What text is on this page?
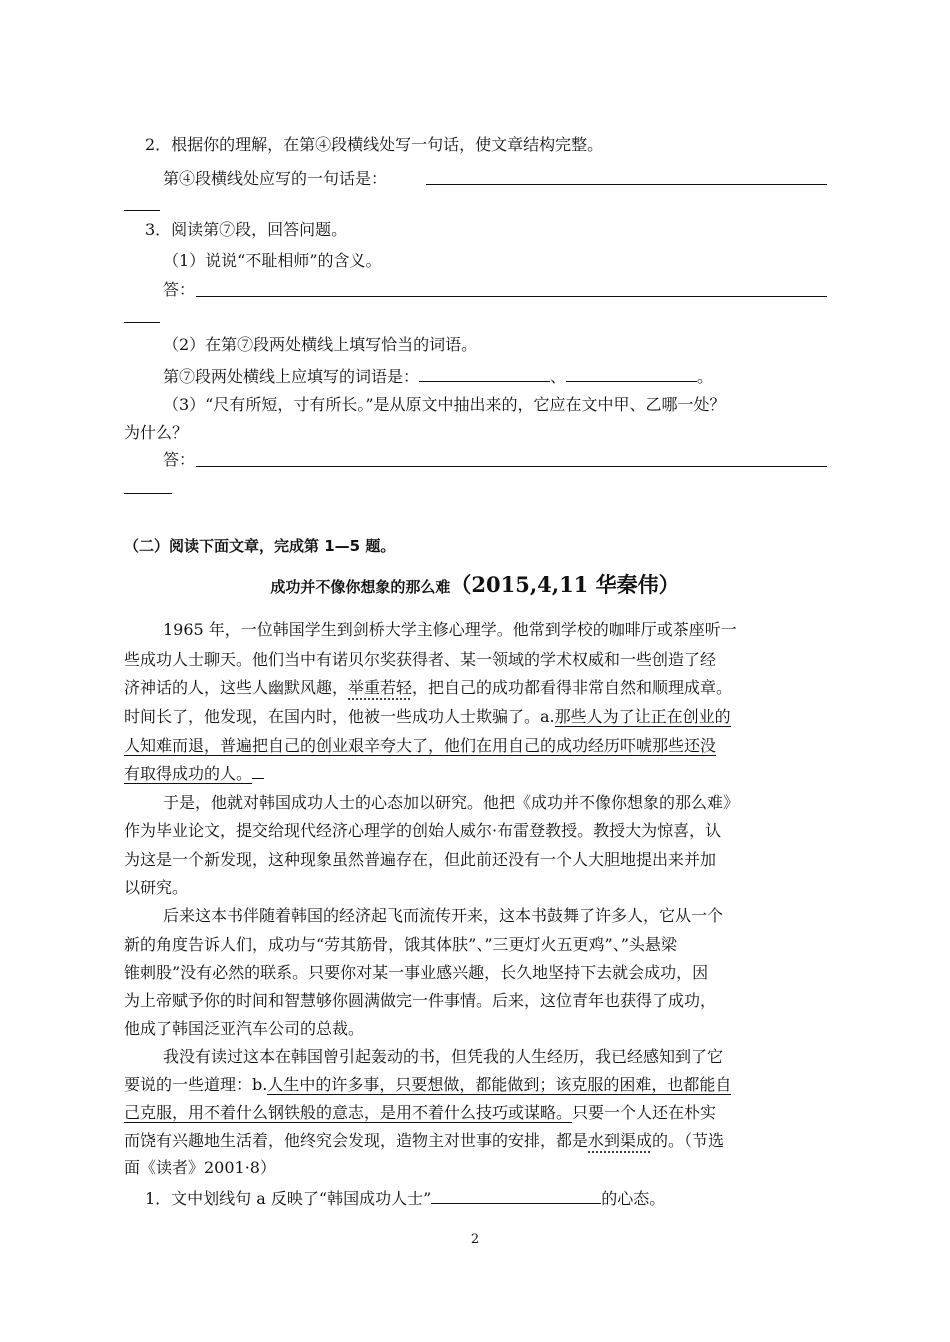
2．根据你的理解，在第④段横线处写一句话，使文章结构完整。
第④段横线处应写的一句话是：
3．阅读第⑦段，回答问题。
（1）说说“不耻相师”的含义。
答：
（2）在第⑦段两处横线上填写恰当的词语。
第⑦段两处横线上应填写的词语是：	、	。
（3）“尺有所短，寸有所长。”是从原文中抽出来的，它应在文中甲、乙哪一处？
为什么？
答：
（二）阅读下面文章，完成第 1—5 题。
成功并不像你想象的那么难（2015,4,11 华秦伟）
1965 年，一位韩国学生到剑桥大学主修心理学。他常到学校的咖啡厅或茶座听一
些成功人士聊天。他们当中有诺贝尔奖获得者、某一领域的学术权威和一些创造了经
济神话的人，这些人幽默风趣，举重若轻，把自己的成功都看得非常自然和顺理成章。
时间长了，他发现，在国内时，他被一些成功人士欺骗了。a.那些人为了让正在创业的
人知难而退，普遍把自己的创业艰辛夸大了，他们在用自己的成功经历吓唬那些还没
有取得成功的人。
于是，他就对韩国成功人士的心态加以研究。他把《成功并不像你想象的那么难》
作为毕业论文，提交给现代经济心理学的创始人威尔·布雷登教授。教授大为惊喜，认
为这是一个新发现，这种现象虽然普遍存在，但此前还没有一个人大胆地提出来并加
以研究。
后来这本书伴随着韩国的经济起飞而流传开来，这本书鼓舞了许多人，它从一个
新的角度告诉人们，成功与“劳其筋骨，饿其体肤”、”三更灯火五更鸡”、”头悬梁
锥刺股”没有必然的联系。只要你对某一事业感兴趣，长久地坚持下去就会成功，因
为上帝赋予你的时间和智慧够你圆满做完一件事情。后来，这位青年也获得了成功，
他成了韩国泛亚汽车公司的总裁。
我没有读过这本在韩国曾引起轰动的书，但凭我的人生经历，我已经感知到了它
要说的一些道理：b.人生中的许多事，只要想做，都能做到；该克服的困难，也都能自
己克服，用不着什么钢铁般的意志，是用不着什么技巧或谋略。只要一个人还在朴实
而饶有兴趣地生活着，他终究会发现，造物主对世事的安排，都是水到渠成的。（节选
面《读者》2001·8）
1．文中划线句 a 反映了“韩国成功人士”	的心态。
2
